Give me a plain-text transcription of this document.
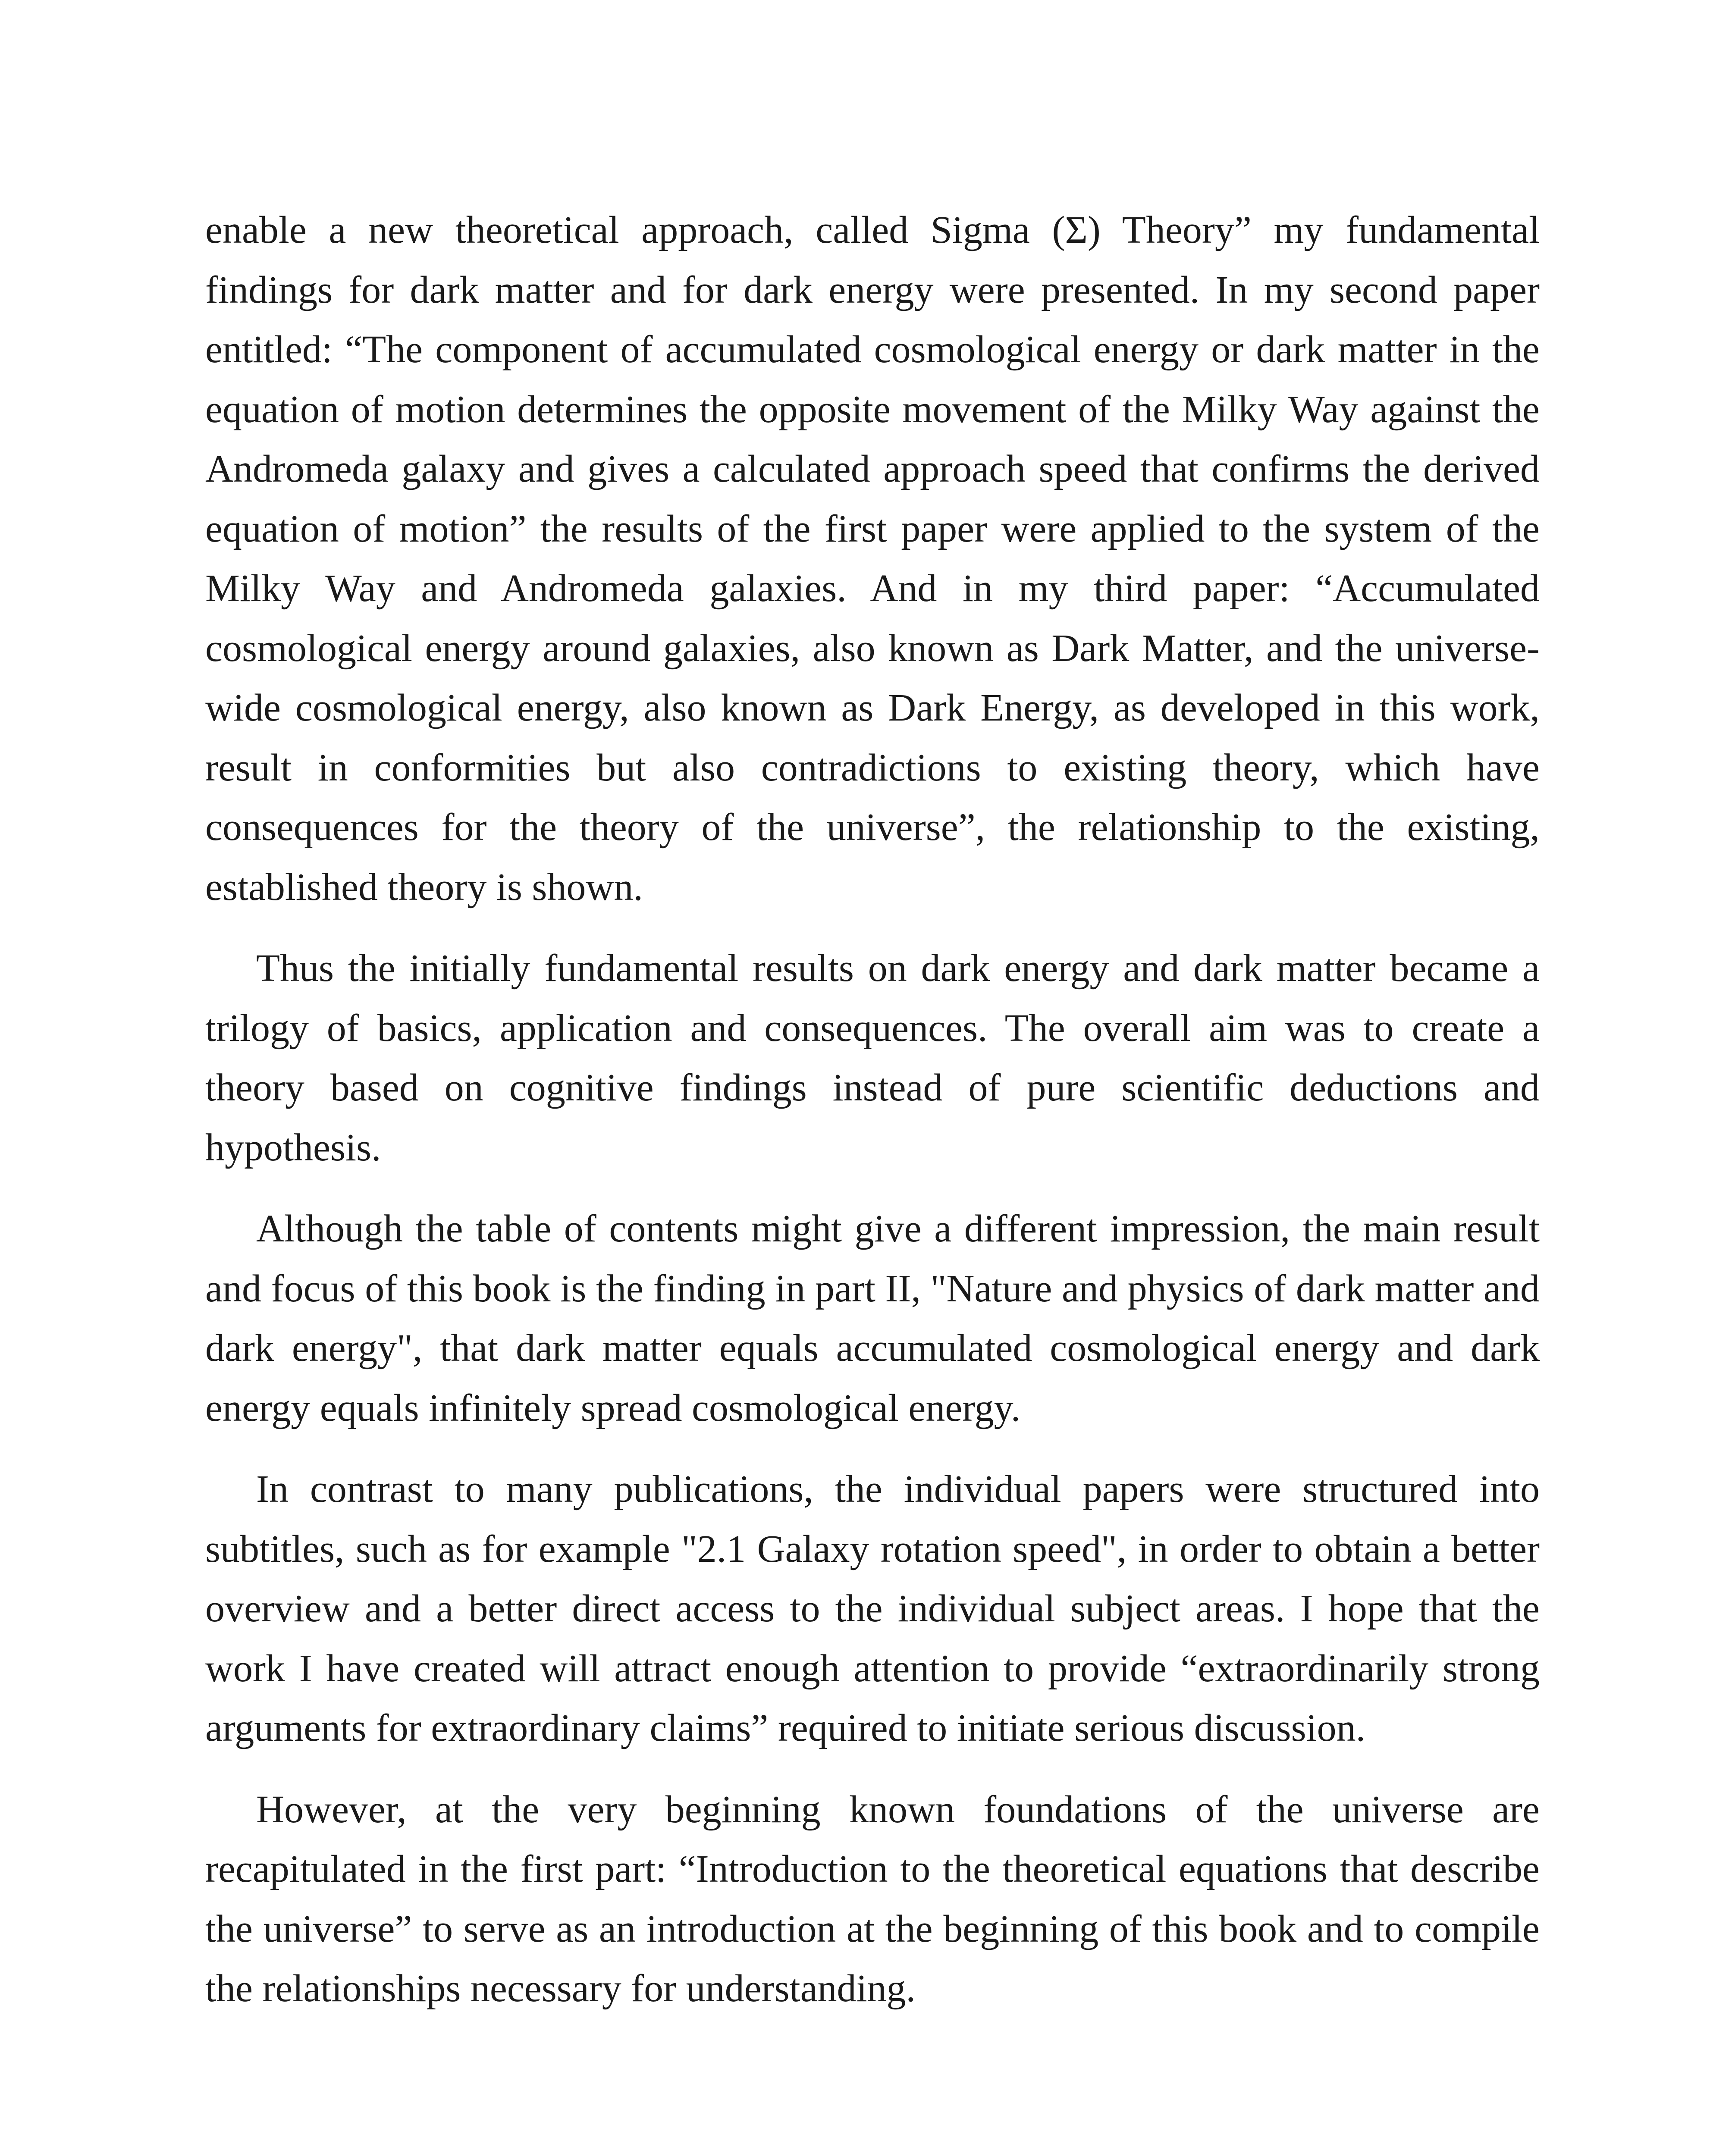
enable a new theoretical approach, called Sigma (Σ) Theory” my fundamental findings for dark matter and for dark energy were presented. In my second paper entitled: “The component of accumulated cosmological energy or dark matter in the equation of motion determines the opposite movement of the Milky Way against the Andromeda galaxy and gives a calculated approach speed that confirms the derived equation of motion” the results of the first paper were applied to the system of the Milky Way and Andromeda galaxies. And in my third paper: “Accumulated cosmological energy around galaxies, also known as Dark Matter, and the universe-wide cosmological energy, also known as Dark Energy, as developed in this work, result in conformities but also contradictions to existing theory, which have consequences for the theory of the universe”, the relationship to the existing, established theory is shown.

Thus the initially fundamental results on dark energy and dark matter became a trilogy of basics, application and consequences. The overall aim was to create a theory based on cognitive findings instead of pure scientific deductions and hypothesis.

Although the table of contents might give a different impression, the main result and focus of this book is the finding in part II, "Nature and physics of dark matter and dark energy", that dark matter equals accumulated cosmological energy and dark energy equals infinitely spread cosmological energy.

In contrast to many publications, the individual papers were structured into subtitles, such as for example "2.1 Galaxy rotation speed", in order to obtain a better overview and a better direct access to the individual subject areas. I hope that the work I have created will attract enough attention to provide “extraordinarily strong arguments for extraordinary claims” required to initiate serious discussion.

However, at the very beginning known foundations of the universe are recapitulated in the first part: “Introduction to the theoretical equations that describe the universe” to serve as an introduction at the beginning of this book and to compile the relationships necessary for understanding.
